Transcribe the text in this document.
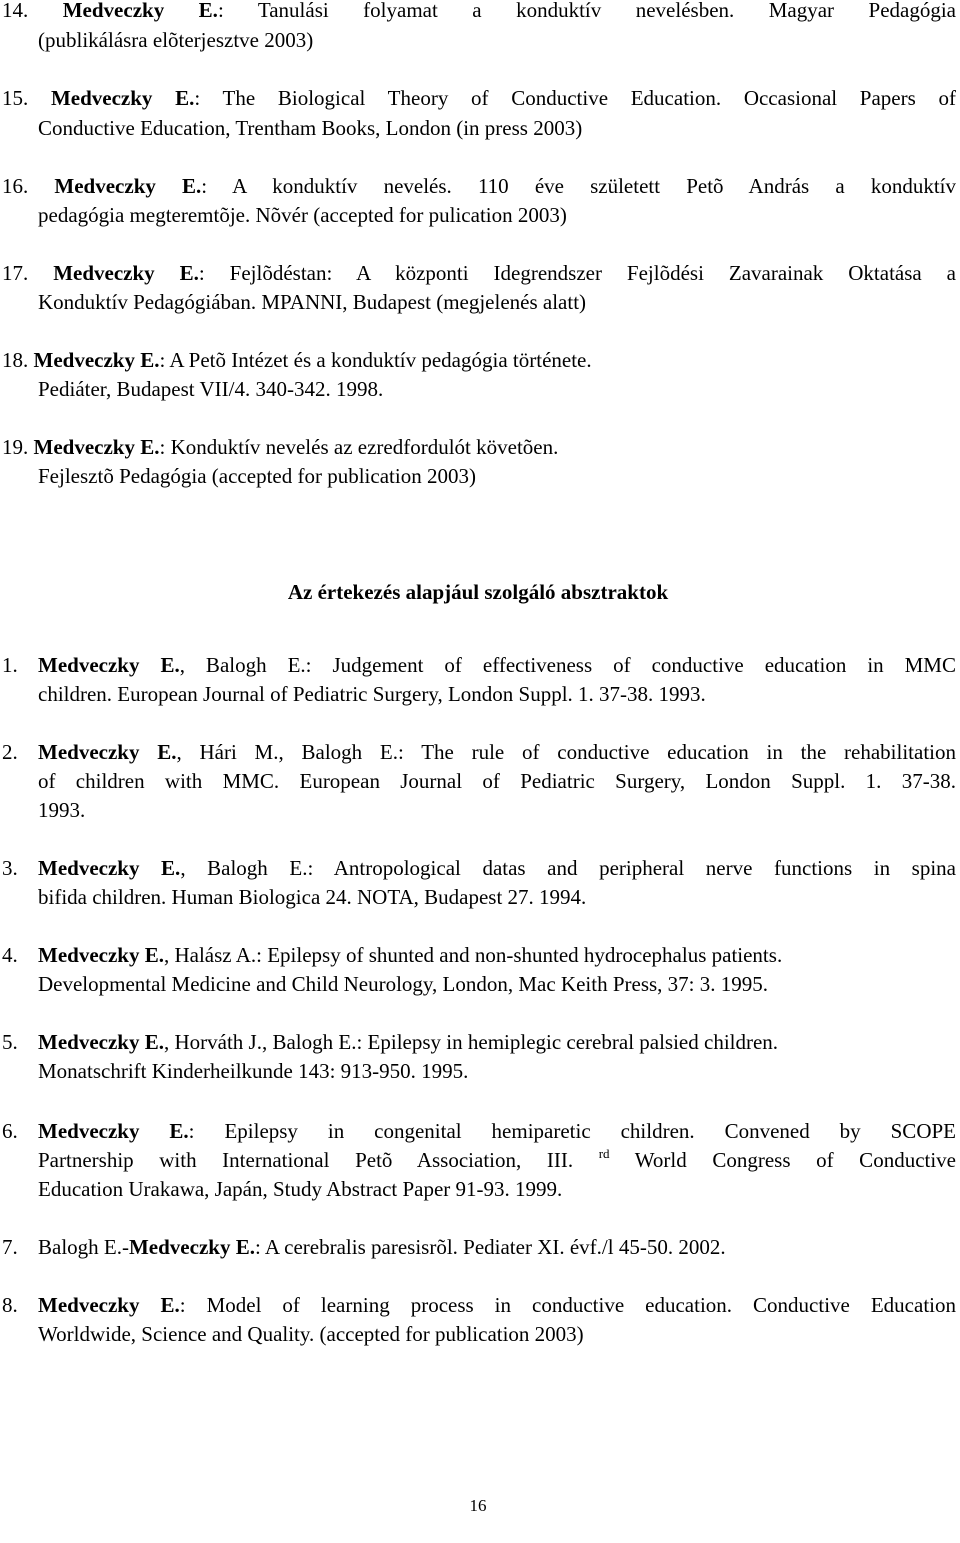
14. Medveczky E.: Tanulási folyamat a konduktív nevelésben. Magyar Pedagógia
(publikálásra elõterjesztve 2003)
15. Medveczky E.: The Biological Theory of Conductive Education. Occasional Papers of
Conductive Education, Trentham Books, London (in press 2003)
16. Medveczky E.: A konduktív nevelés. 110 éve született Petõ András a konduktív
pedagógia megteremtõje. Nõvér (accepted for pulication 2003)
17. Medveczky E.: Fejlõdéstan: A központi Idegrendszer Fejlõdési Zavarainak Oktatása a
Konduktív Pedagógiában. MPANNI, Budapest (megjelenés alatt)
18. Medveczky E.: A Petõ Intézet és a konduktív pedagógia története.
Pediáter, Budapest VII/4. 340-342. 1998.
19. Medveczky E.: Konduktív nevelés az ezredfordulót követõen.
Fejlesztõ Pedagógia (accepted for publication 2003)
Az értekezés alapjául szolgáló absztraktok
1. Medveczky E., Balogh E.: Judgement of effectiveness of conductive education in MMC
children. European Journal of Pediatric Surgery, London Suppl. 1. 37-38. 1993.
2. Medveczky E., Hári M., Balogh E.: The rule of conductive education in the rehabilitation
of children with MMC. European Journal of Pediatric Surgery, London Suppl. 1. 37-38.
1993.
3. Medveczky E., Balogh E.: Antropological datas and peripheral nerve functions in spina
bifida children. Human Biologica 24. NOTA, Budapest 27. 1994.
4. Medveczky E., Halász A.: Epilepsy of shunted and non-shunted hydrocephalus patients.
Developmental Medicine and Child Neurology, London, Mac Keith Press, 37: 3. 1995.
5. Medveczky E., Horváth J., Balogh E.: Epilepsy in hemiplegic cerebral palsied children.
Monatschrift Kinderheilkunde 143: 913-950. 1995.
6. Medveczky E.: Epilepsy in congenital hemiparetic children. Convened by SCOPE
Partnership with International Petõ Association, III. $^{rd}$ World Congress of Conductive
Education Urakawa, Japán, Study Abstract Paper 91-93. 1999.
7. Balogh E.-Medveczky E.: A cerebralis paresisrõl. Pediater XI. évf./l 45-50. 2002.
8. Medveczky E.: Model of learning process in conductive education. Conductive Education
Worldwide, Science and Quality. (accepted for publication 2003)
16
